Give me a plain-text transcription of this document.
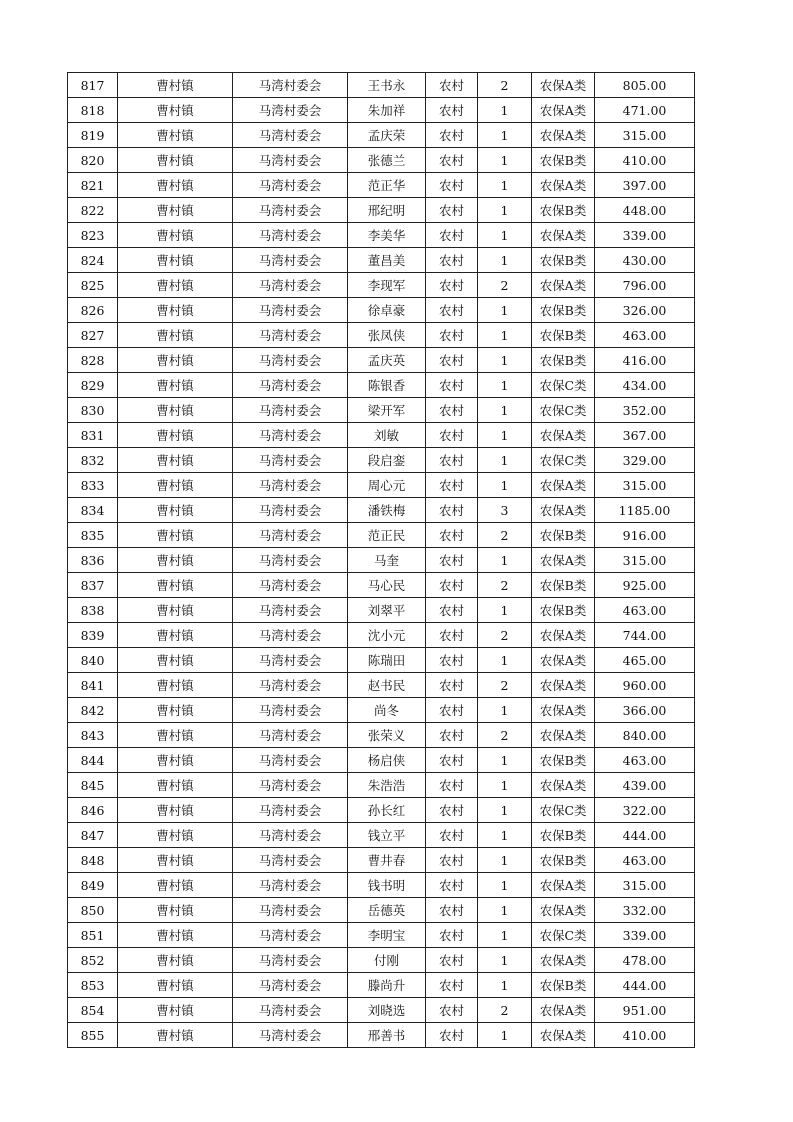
817	曹村镇	马湾村委会	王书永	农村	2	农保A类	805.00
818	曹村镇	马湾村委会	朱加祥	农村	1	农保A类	471.00
819	曹村镇	马湾村委会	孟庆荣	农村	1	农保A类	315.00
820	曹村镇	马湾村委会	张德兰	农村	1	农保B类	410.00
821	曹村镇	马湾村委会	范正华	农村	1	农保A类	397.00
822	曹村镇	马湾村委会	邢纪明	农村	1	农保B类	448.00
823	曹村镇	马湾村委会	李美华	农村	1	农保A类	339.00
824	曹村镇	马湾村委会	董昌美	农村	1	农保B类	430.00
825	曹村镇	马湾村委会	李现军	农村	2	农保A类	796.00
826	曹村镇	马湾村委会	徐卓豪	农村	1	农保B类	326.00
827	曹村镇	马湾村委会	张凤侠	农村	1	农保B类	463.00
828	曹村镇	马湾村委会	孟庆英	农村	1	农保B类	416.00
829	曹村镇	马湾村委会	陈银香	农村	1	农保C类	434.00
830	曹村镇	马湾村委会	梁开军	农村	1	农保C类	352.00
831	曹村镇	马湾村委会	刘敏	农村	1	农保A类	367.00
832	曹村镇	马湾村委会	段启銮	农村	1	农保C类	329.00
833	曹村镇	马湾村委会	周心元	农村	1	农保A类	315.00
834	曹村镇	马湾村委会	潘铁梅	农村	3	农保A类	1185.00
835	曹村镇	马湾村委会	范正民	农村	2	农保B类	916.00
836	曹村镇	马湾村委会	马奎	农村	1	农保A类	315.00
837	曹村镇	马湾村委会	马心民	农村	2	农保B类	925.00
838	曹村镇	马湾村委会	刘翠平	农村	1	农保B类	463.00
839	曹村镇	马湾村委会	沈小元	农村	2	农保A类	744.00
840	曹村镇	马湾村委会	陈瑞田	农村	1	农保A类	465.00
841	曹村镇	马湾村委会	赵书民	农村	2	农保A类	960.00
842	曹村镇	马湾村委会	尚冬	农村	1	农保A类	366.00
843	曹村镇	马湾村委会	张荣义	农村	2	农保A类	840.00
844	曹村镇	马湾村委会	杨启侠	农村	1	农保B类	463.00
845	曹村镇	马湾村委会	朱浩浩	农村	1	农保A类	439.00
846	曹村镇	马湾村委会	孙长红	农村	1	农保C类	322.00
847	曹村镇	马湾村委会	钱立平	农村	1	农保B类	444.00
848	曹村镇	马湾村委会	曹井春	农村	1	农保B类	463.00
849	曹村镇	马湾村委会	钱书明	农村	1	农保A类	315.00
850	曹村镇	马湾村委会	岳德英	农村	1	农保A类	332.00
851	曹村镇	马湾村委会	李明宝	农村	1	农保C类	339.00
852	曹村镇	马湾村委会	付刚	农村	1	农保A类	478.00
853	曹村镇	马湾村委会	滕尚升	农村	1	农保B类	444.00
854	曹村镇	马湾村委会	刘晓选	农村	2	农保A类	951.00
855	曹村镇	马湾村委会	邢善书	农村	1	农保A类	410.00
